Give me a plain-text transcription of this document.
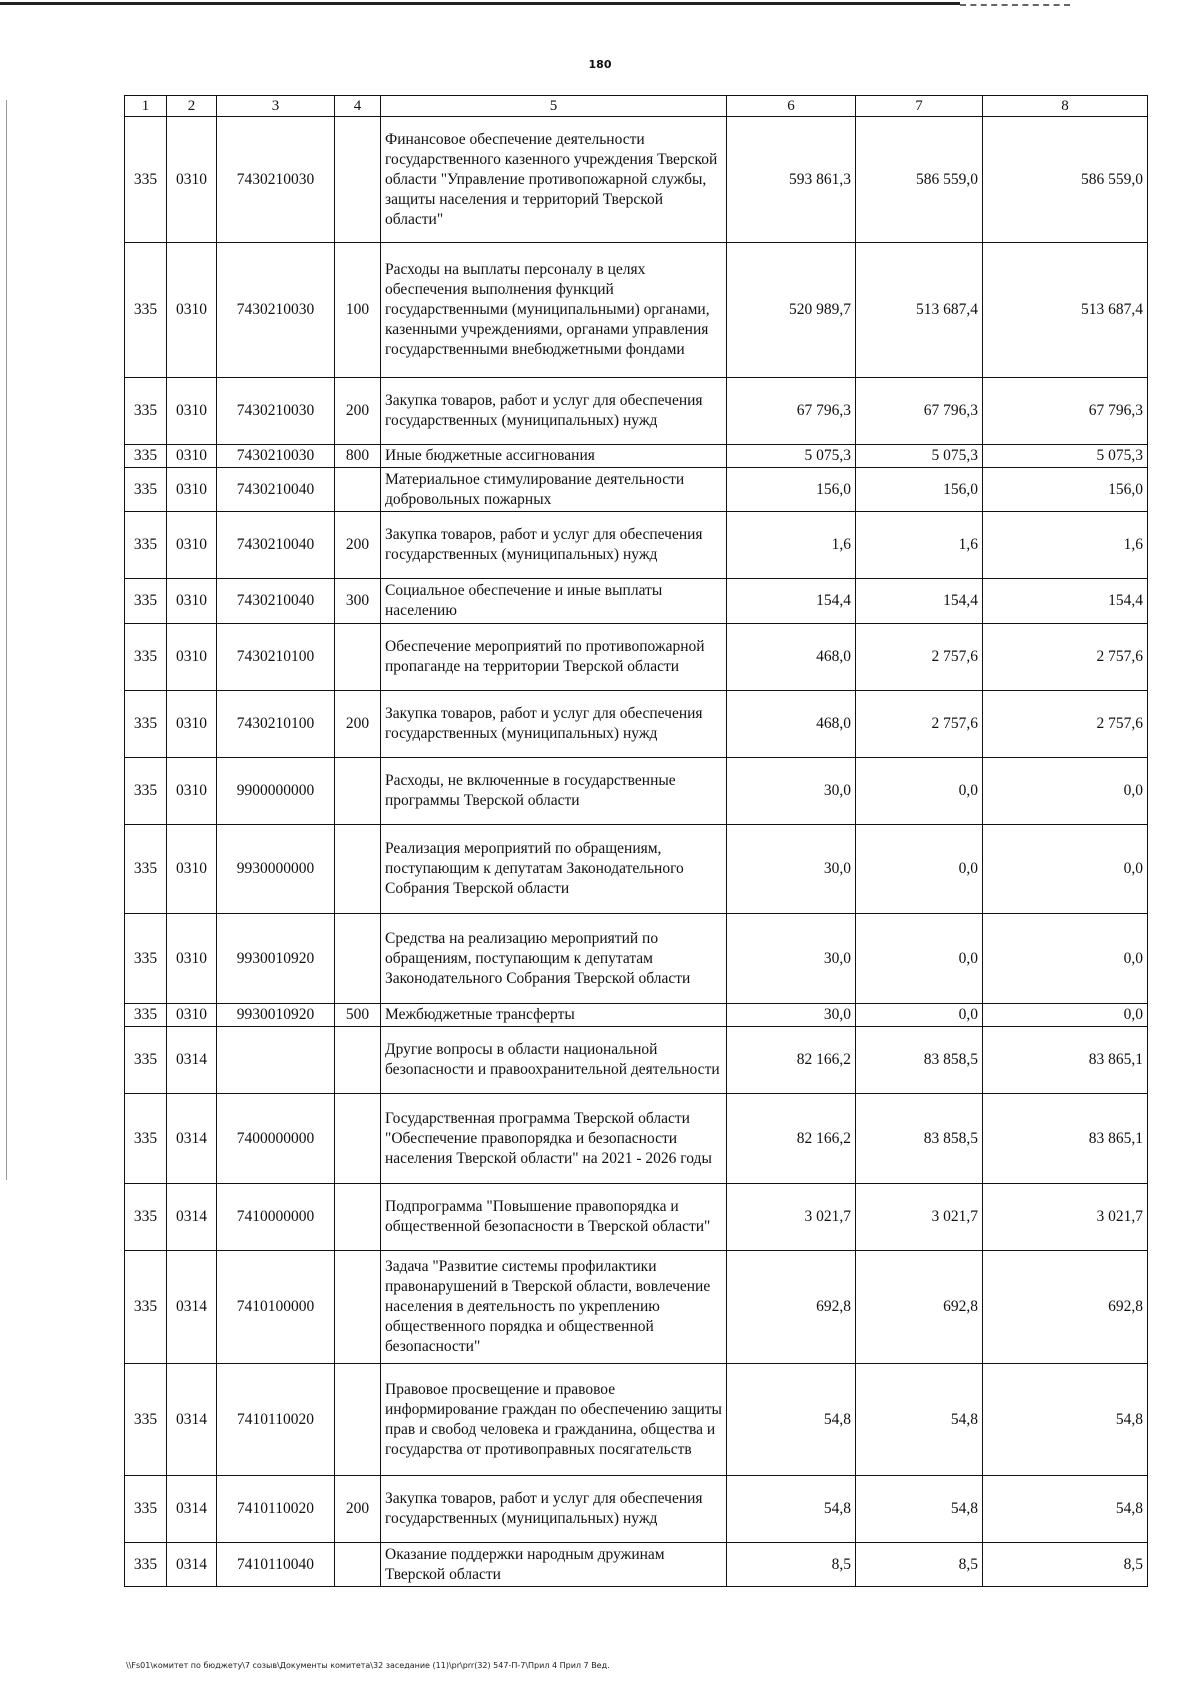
180
1	2	3	4	5	6	7	8
335	0310	7430210030		Финансовое обеспечение деятельности государственного казенного учреждения Тверской области "Управление противопожарной службы, защиты населения и территорий Тверской области"	593 861,3	586 559,0	586 559,0
335	0310	7430210030	100	Расходы на выплаты персоналу в целях обеспечения выполнения функций государственными (муниципальными) органами, казенными учреждениями, органами управления государственными внебюджетными фондами	520 989,7	513 687,4	513 687,4
335	0310	7430210030	200	Закупка товаров, работ и услуг для обеспечения государственных (муниципальных) нужд	67 796,3	67 796,3	67 796,3
335	0310	7430210030	800	Иные бюджетные ассигнования	5 075,3	5 075,3	5 075,3
335	0310	7430210040		Материальное стимулирование деятельности добровольных пожарных	156,0	156,0	156,0
335	0310	7430210040	200	Закупка товаров, работ и услуг для обеспечения государственных (муниципальных) нужд	1,6	1,6	1,6
335	0310	7430210040	300	Социальное обеспечение и иные выплаты населению	154,4	154,4	154,4
335	0310	7430210100		Обеспечение мероприятий по противопожарной пропаганде на территории Тверской области	468,0	2 757,6	2 757,6
335	0310	7430210100	200	Закупка товаров, работ и услуг для обеспечения государственных (муниципальных) нужд	468,0	2 757,6	2 757,6
335	0310	9900000000		Расходы, не включенные в государственные программы Тверской области	30,0	0,0	0,0
335	0310	9930000000		Реализация мероприятий по обращениям, поступающим к депутатам Законодательного Собрания Тверской области	30,0	0,0	0,0
335	0310	9930010920		Средства на реализацию мероприятий по обращениям, поступающим к депутатам Законодательного Собрания Тверской области	30,0	0,0	0,0
335	0310	9930010920	500	Межбюджетные трансферты	30,0	0,0	0,0
335	0314			Другие вопросы в области национальной безопасности и правоохранительной деятельности	82 166,2	83 858,5	83 865,1
335	0314	7400000000		Государственная программа Тверской области "Обеспечение правопорядка и безопасности населения Тверской области" на 2021 - 2026 годы	82 166,2	83 858,5	83 865,1
335	0314	7410000000		Подпрограмма "Повышение правопорядка и общественной безопасности в Тверской области"	3 021,7	3 021,7	3 021,7
335	0314	7410100000		Задача "Развитие системы профилактики правонарушений в Тверской области, вовлечение населения в деятельность по укреплению общественного порядка и общественной безопасности"	692,8	692,8	692,8
335	0314	7410110020		Правовое просвещение и правовое информирование граждан по обеспечению защиты прав и свобод человека и гражданина, общества и государства от противоправных посягательств	54,8	54,8	54,8
335	0314	7410110020	200	Закупка товаров, работ и услуг для обеспечения государственных (муниципальных) нужд	54,8	54,8	54,8
335	0314	7410110040		Оказание поддержки народным дружинам Тверской области	8,5	8,5	8,5
\\Fs01\комитет по бюджету\7 созыв\Документы комитета\32 заседание (11)\pr\prr(32) 547-П-7\Прил 4 Прил 7 Вед.
